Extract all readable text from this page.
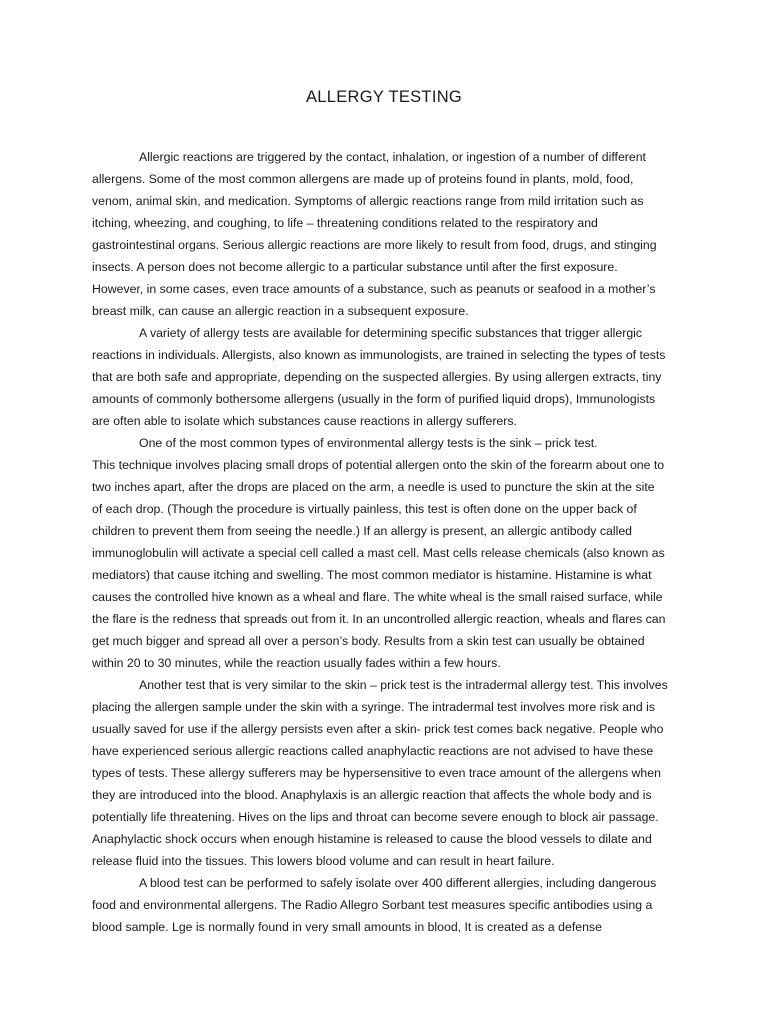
ALLERGY TESTING
Allergic reactions are triggered by the contact, inhalation, or ingestion of a number of different
allergens. Some of the most common allergens are made up of proteins found in plants, mold, food,
venom, animal skin, and medication. Symptoms of allergic reactions range from mild irritation such as
itching, wheezing, and coughing, to life – threatening conditions related to the respiratory and
gastrointestinal organs. Serious allergic reactions are more likely to result from food, drugs, and stinging
insects. A person does not become allergic to a particular substance until after the first exposure.
However, in some cases, even trace amounts of a substance, such as peanuts or seafood in a mother’s
breast milk, can cause an allergic reaction in a subsequent exposure.
A variety of allergy tests are available for determining specific substances that trigger allergic
reactions in individuals. Allergists, also known as immunologists, are trained in selecting the types of tests
that are both safe and appropriate, depending on the suspected allergies. By using allergen extracts, tiny
amounts of commonly bothersome allergens (usually in the form of purified liquid drops), Immunologists
are often able to isolate which substances cause reactions in allergy sufferers.
One of the most common types of environmental allergy tests is the sink – prick test.
This technique involves placing small drops of potential allergen onto the skin of the forearm about one to
two inches apart, after the drops are placed on the arm, a needle is used to puncture the skin at the site
of each drop. (Though the procedure is virtually painless, this test is often done on the upper back of
children to prevent them from seeing the needle.) If an allergy is present, an allergic antibody called
immunoglobulin will activate a special cell called a mast cell. Mast cells release chemicals (also known as
mediators) that cause itching and swelling. The most common mediator is histamine. Histamine is what
causes the controlled hive known as a wheal and flare. The white wheal is the small raised surface, while
the flare is the redness that spreads out from it. In an uncontrolled allergic reaction, wheals and flares can
get much bigger and spread all over a person’s body. Results from a skin test can usually be obtained
within 20 to 30 minutes, while the reaction usually fades within a few hours.
Another test that is very similar to the skin – prick test is the intradermal allergy test. This involves
placing the allergen sample under the skin with a syringe. The intradermal test involves more risk and is
usually saved for use if the allergy persists even after a skin- prick test comes back negative. People who
have experienced serious allergic reactions called anaphylactic reactions are not advised to have these
types of tests. These allergy sufferers may be hypersensitive to even trace amount of the allergens when
they are introduced into the blood. Anaphylaxis is an allergic reaction that affects the whole body and is
potentially life threatening. Hives on the lips and throat can become severe enough to block air passage.
Anaphylactic shock occurs when enough histamine is released to cause the blood vessels to dilate and
release fluid into the tissues. This lowers blood volume and can result in heart failure.
A blood test can be performed to safely isolate over 400 different allergies, including dangerous
food and environmental allergens. The Radio Allegro Sorbant test measures specific antibodies using a
blood sample. Lge is normally found in very small amounts in blood, It is created as a defense
